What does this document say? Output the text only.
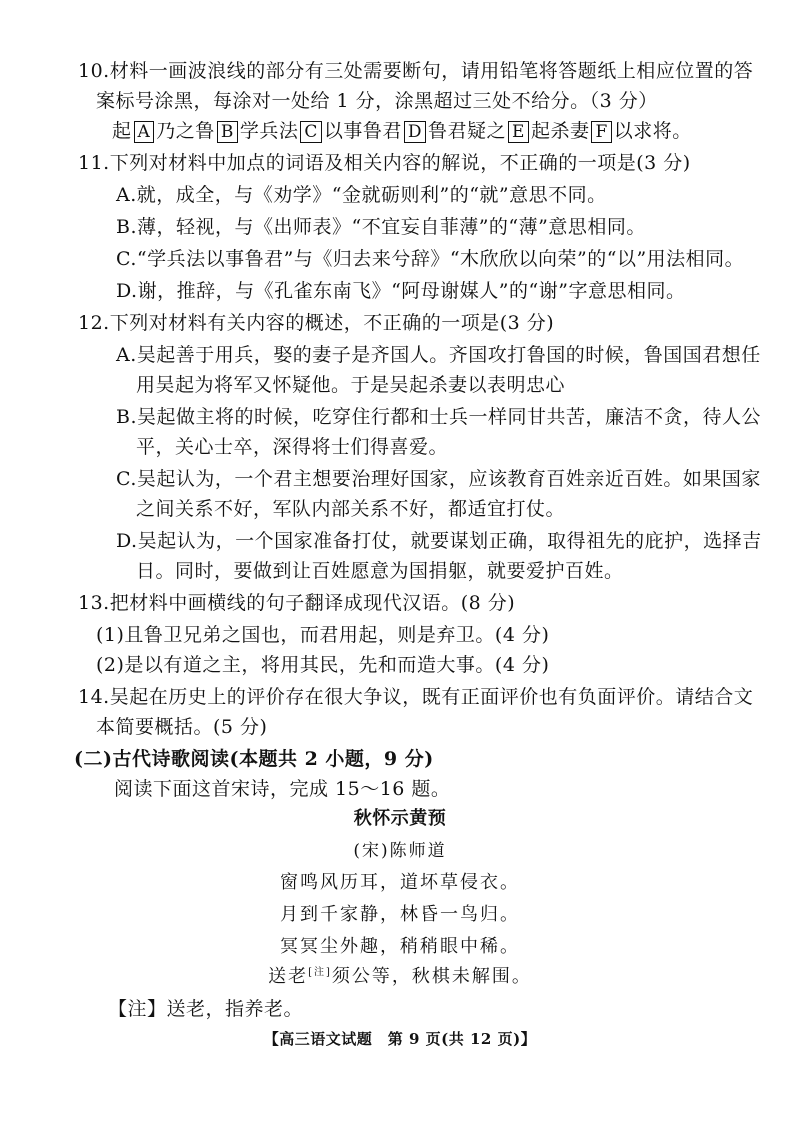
10.材料一画波浪线的部分有三处需要断句，请用铅笔将答题纸上相应位置的答
案标号涂黑，每涂对一处给 1 分，涂黑超过三处不给分。（3 分）
起 A 乃之鲁 B 学兵法 C 以事鲁君 D 鲁君疑之 E 起杀妻 F 以求将。
11.下列对材料中加点的词语及相关内容的解说，不正确的一项是(3 分)
A.就，成全，与《劝学》“金就砺则利”的“就”意思不同。
B.薄，轻视，与《出师表》“不宜妄自菲薄”的“薄”意思相同。
C.“学兵法以事鲁君”与《归去来兮辞》“木欣欣以向荣”的“以”用法相同。
D.谢，推辞，与《孔雀东南飞》“阿母谢媒人”的“谢”字意思相同。
12.下列对材料有关内容的概述，不正确的一项是(3 分)
A.吴起善于用兵，娶的妻子是齐国人。齐国攻打鲁国的时候，鲁国国君想任
用吴起为将军又怀疑他。于是吴起杀妻以表明忠心
B.吴起做主将的时候，吃穿住行都和士兵一样同甘共苦，廉洁不贪，待人公
平，关心士卒，深得将士们得喜爱。
C.吴起认为，一个君主想要治理好国家，应该教育百姓亲近百姓。如果国家
之间关系不好，军队内部关系不好，都适宜打仗。
D.吴起认为，一个国家准备打仗，就要谋划正确，取得祖先的庇护，选择吉
日。同时，要做到让百姓愿意为国捐躯，就要爱护百姓。
13.把材料中画横线的句子翻译成现代汉语。(8 分)
(1)且鲁卫兄弟之国也，而君用起，则是弃卫。(4 分)
(2)是以有道之主，将用其民，先和而造大事。(4 分)
14.吴起在历史上的评价存在很大争议，既有正面评价也有负面评价。请结合文
本简要概括。(5 分)
(二)古代诗歌阅读(本题共 2 小题，9 分)
阅读下面这首宋诗，完成 15～16 题。
秋怀示黄预
(宋)陈师道
窗鸣风历耳，道坏草侵衣。
月到千家静，林昏一鸟归。
冥冥尘外趣，稍稍眼中稀。
送老[注]须公等，秋棋未解围。
【注】送老，指养老。
【高三语文试题　第 9 页(共 12 页)】
